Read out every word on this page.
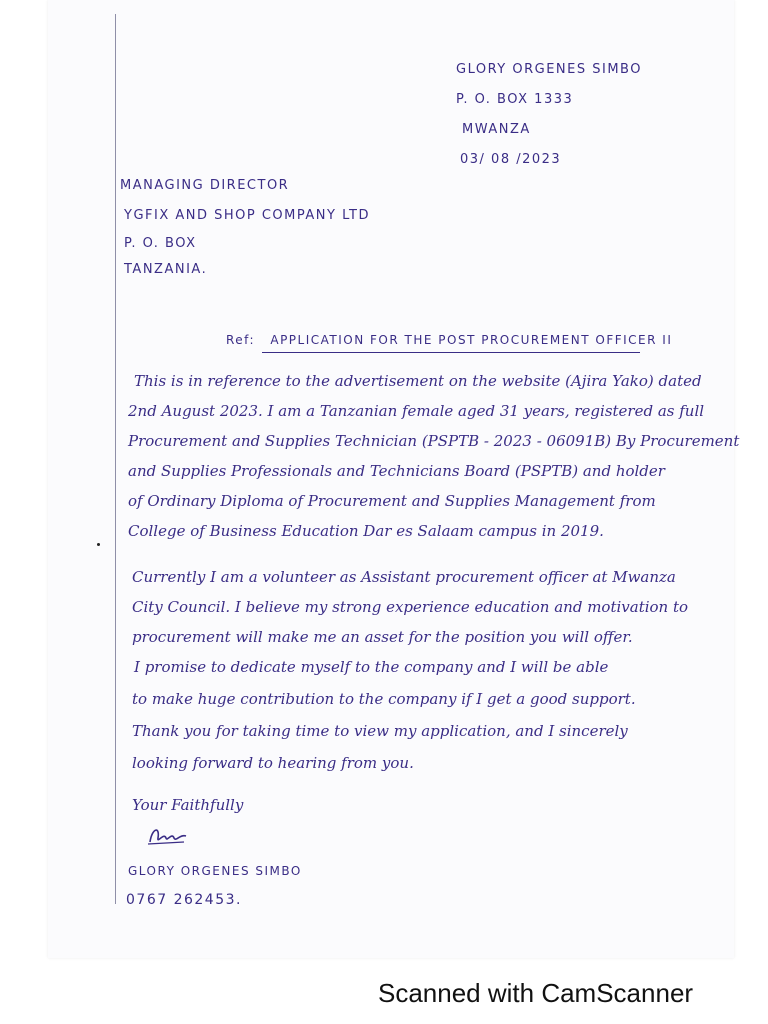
GLORY ORGENES SIMBO
P. O. BOX 1333
MWANZA
03/ 08 /2023
MANAGING DIRECTOR
YGFIX AND SHOP COMPANY LTD
P. O. BOX
TANZANIA.
Ref: APPLICATION FOR THE POST PROCUREMENT OFFICER II
This is in reference to the advertisement on the website (Ajira Yako) dated
2nd August 2023. I am a Tanzanian female aged 31 years, registered as full
Procurement and Supplies Technician (PSPTB - 2023 - 06091B) By Procurement
and Supplies Professionals and Technicians Board (PSPTB) and holder
of Ordinary Diploma of Procurement and Supplies Management from
College of Business Education Dar es Salaam campus in 2019.
Currently I am a volunteer as Assistant procurement officer at Mwanza
City Council. I believe my strong experience education and motivation to
procurement will make me an asset for the position you will offer.
I promise to dedicate myself to the company and I will be able
to make huge contribution to the company if I get a good support.
Thank you for taking time to view my application, and I sincerely
looking forward to hearing from you.
Your Faithfully
GLORY ORGENES SIMBO
0767 262453.
Scanned with CamScanner
